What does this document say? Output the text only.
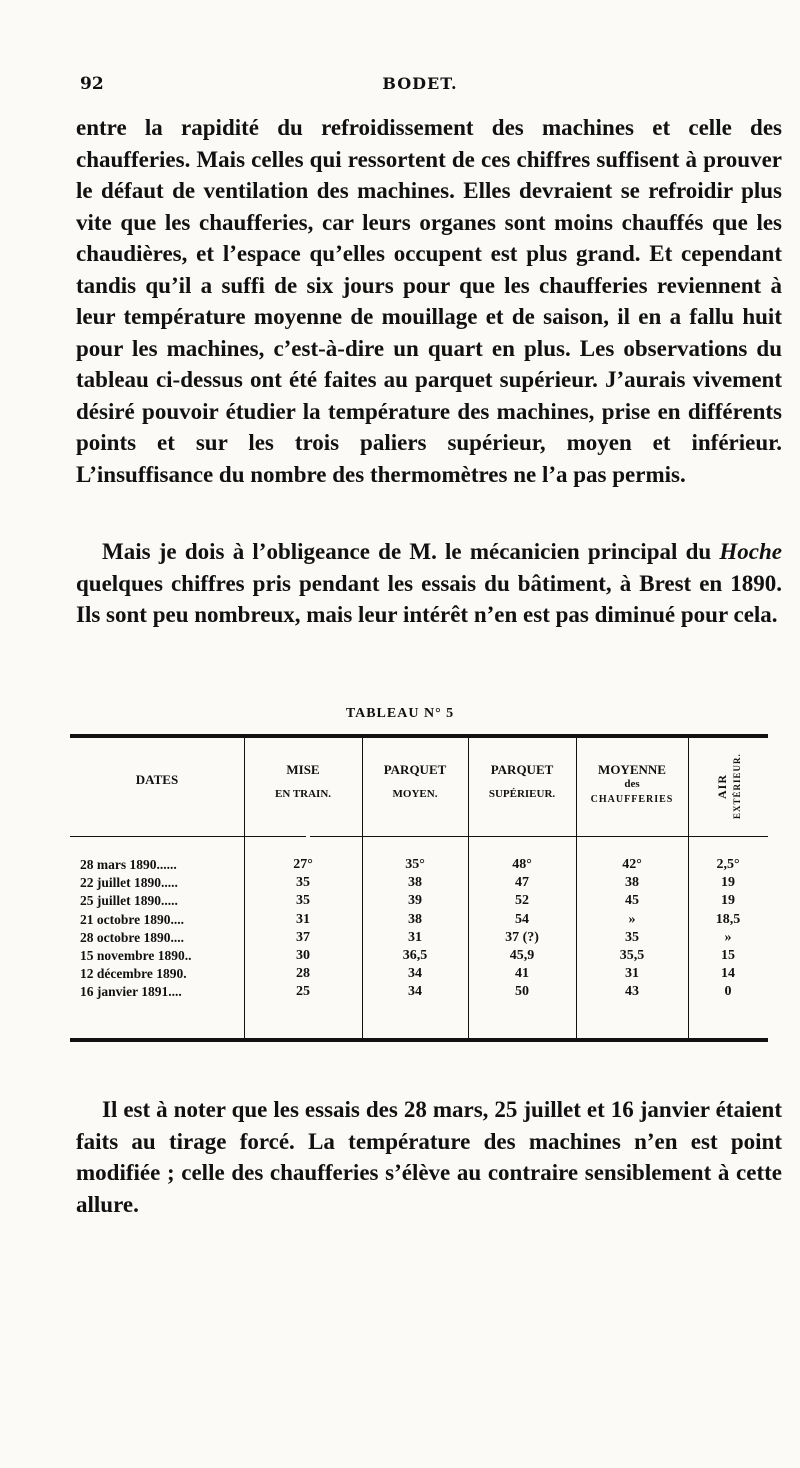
92	BODET.

entre la rapidité du refroidissement des machines et celle des chaufferies. Mais celles qui ressortent de ces chiffres suffisent à prouver le défaut de ventilation des machines. Elles devraient se refroidir plus vite que les chaufferies, car leurs organes sont moins chauffés que les chaudières, et l’espace qu’elles occupent est plus grand. Et cependant tandis qu’il a suffi de six jours pour que les chaufferies reviennent à leur température moyenne de mouillage et de saison, il en a fallu huit pour les machines, c’est-à-dire un quart en plus. Les observations du tableau ci-dessus ont été faites au parquet supérieur. J’aurais vivement désiré pouvoir étudier la température des machines, prise en différents points et sur les trois paliers supérieur, moyen et inférieur. L’insuffisance du nombre des thermomètres ne l’a pas permis.

Mais je dois à l’obligeance de M. le mécanicien principal du Hoche quelques chiffres pris pendant les essais du bâtiment, à Brest en 1890. Ils sont peu nombreux, mais leur intérêt n’en est pas diminué pour cela.

TABLEAU N° 5
DATES
28 mars 1890......
22 juillet 1890.....
25 juillet 1890.....
21 octobre 1890....
28 octobre 1890....
15 novembre 1890..
12 décembre 1890.
16 janvier 1891....
MISE
EN TRAIN.
27°
35
35
31
37
30
28
25
PARQUET
MOYEN.
35°
38
39
38
31
36,5
34
34
PARQUET
SUPÉRIEUR.
48°
47
52
54
37 (?)
45,9
41
50
MOYENNE
des
CHAUFFERIES
42°
38
45
»
35
35,5
31
43
AIR EXTÉRIEUR.
2,5°
19
19
18,5
»
15
14
0

Il est à noter que les essais des 28 mars, 25 juillet et 16 janvier étaient faits au tirage forcé. La température des machines n’en est point modifiée ; celle des chaufferies s’élève au contraire sensiblement à cette allure.
